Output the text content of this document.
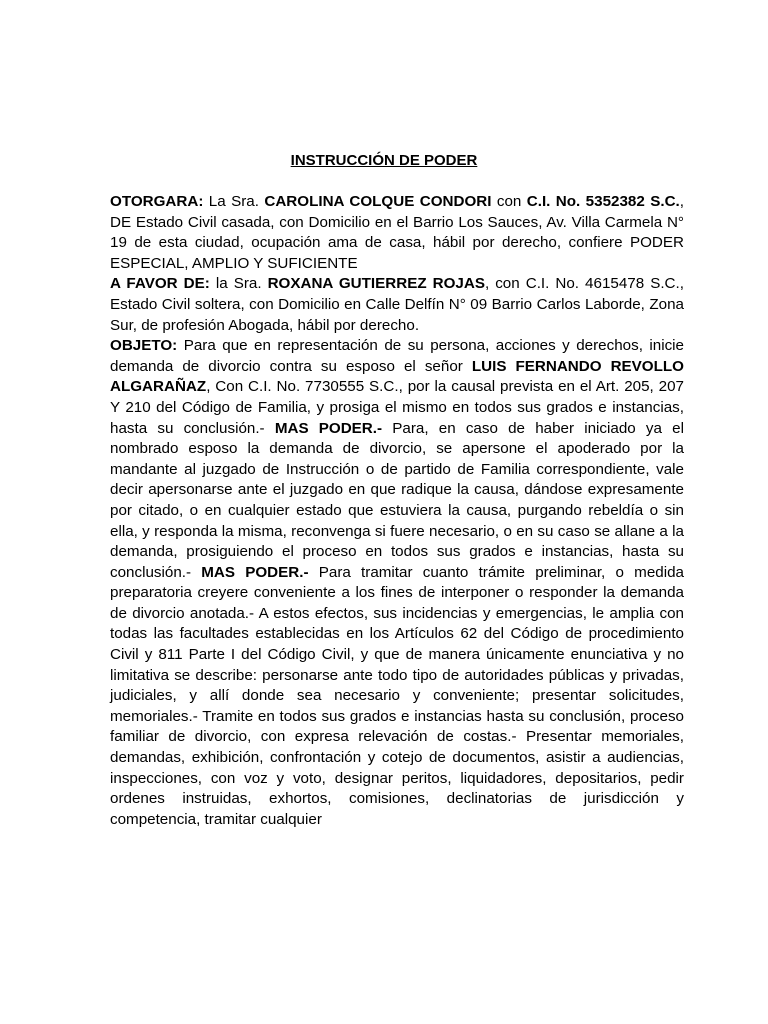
INSTRUCCIÓN DE PODER

OTORGARA: La Sra. CAROLINA COLQUE CONDORI con C.I. No. 5352382 S.C., DE Estado Civil casada, con Domicilio en el Barrio Los Sauces, Av. Villa Carmela N° 19 de esta ciudad, ocupación ama de casa, hábil por derecho, confiere PODER ESPECIAL, AMPLIO Y SUFICIENTE

A FAVOR DE: la Sra. ROXANA GUTIERREZ ROJAS, con C.I. No. 4615478 S.C., Estado Civil soltera, con Domicilio en Calle Delfín N° 09 Barrio Carlos Laborde, Zona Sur, de profesión Abogada, hábil por derecho.

OBJETO: Para que en representación de su persona, acciones y derechos, inicie demanda de divorcio contra su esposo el señor LUIS FERNANDO REVOLLO ALGARAÑAZ, Con C.I. No. 7730555 S.C., por la causal prevista en el Art. 205, 207 Y 210 del Código de Familia, y prosiga el mismo en todos sus grados e instancias, hasta su conclusión.- MAS PODER.- Para, en caso de haber iniciado ya el nombrado esposo la demanda de divorcio, se apersone el apoderado por la mandante al juzgado de Instrucción o de partido de Familia correspondiente, vale decir apersonarse ante el juzgado en que radique la causa, dándose expresamente por citado, o en cualquier estado que estuviera la causa, purgando rebeldía o sin ella, y responda la misma, reconvenga si fuere necesario, o en su caso se allane a la demanda, prosiguiendo el proceso en todos sus grados e instancias, hasta su conclusión.- MAS PODER.- Para tramitar cuanto trámite preliminar, o medida preparatoria creyere conveniente a los fines de interponer o responder la demanda de divorcio anotada.- A estos efectos, sus incidencias y emergencias, le amplia con todas las facultades establecidas en los Artículos 62 del Código de procedimiento Civil y 811 Parte I del Código Civil, y que de manera únicamente enunciativa y no limitativa se describe: personarse ante todo tipo de autoridades públicas y privadas, judiciales, y allí donde sea necesario y conveniente; presentar solicitudes, memoriales.- Tramite en todos sus grados e instancias hasta su conclusión, proceso familiar de divorcio, con expresa relevación de costas.- Presentar memoriales, demandas, exhibición, confrontación y cotejo de documentos, asistir a audiencias, inspecciones, con voz y voto, designar peritos, liquidadores, depositarios, pedir ordenes instruidas, exhortos, comisiones, declinatorias de jurisdicción y competencia, tramitar cualquier
